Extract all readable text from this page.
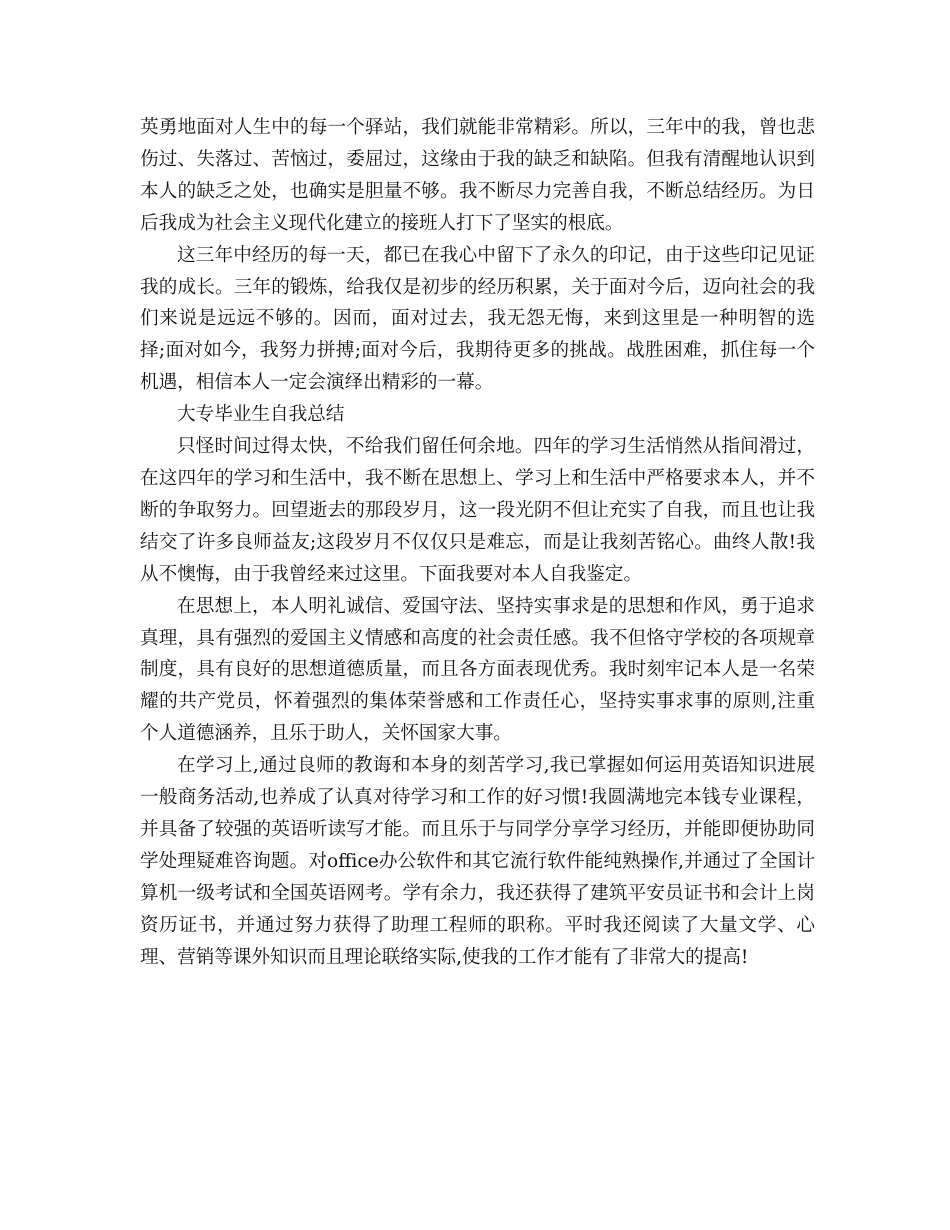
英勇地面对人生中的每一个驿站，我们就能非常精彩。所以，三年中的我，曾也悲伤过、失落过、苦恼过，委屈过，这缘由于我的缺乏和缺陷。但我有清醒地认识到本人的缺乏之处，也确实是胆量不够。我不断尽力完善自我，不断总结经历。为日后我成为社会主义现代化建立的接班人打下了坚实的根底。

这三年中经历的每一天，都已在我心中留下了永久的印记，由于这些印记见证我的成长。三年的锻炼，给我仅是初步的经历积累，关于面对今后，迈向社会的我们来说是远远不够的。因而，面对过去，我无怨无悔，来到这里是一种明智的选择;面对如今，我努力拼搏;面对今后，我期待更多的挑战。战胜困难，抓住每一个机遇，相信本人一定会演绎出精彩的一幕。

大专毕业生自我总结

只怪时间过得太快，不给我们留任何余地。四年的学习生活悄然从指间滑过，在这四年的学习和生活中，我不断在思想上、学习上和生活中严格要求本人，并不断的争取努力。回望逝去的那段岁月，这一段光阴不但让充实了自我，而且也让我结交了许多良师益友;这段岁月不仅仅只是难忘，而是让我刻苦铭心。曲终人散!我从不懊悔，由于我曾经来过这里。下面我要对本人自我鉴定。

在思想上，本人明礼诚信、爱国守法、坚持实事求是的思想和作风，勇于追求真理，具有强烈的爱国主义情感和高度的社会责任感。我不但恪守学校的各项规章制度，具有良好的思想道德质量，而且各方面表现优秀。我时刻牢记本人是一名荣耀的共产党员，怀着强烈的集体荣誉感和工作责任心，坚持实事求事的原则,注重个人道德涵养，且乐于助人，关怀国家大事。

在学习上,通过良师的教诲和本身的刻苦学习,我已掌握如何运用英语知识进展一般商务活动,也养成了认真对待学习和工作的好习惯!我圆满地完本钱专业课程，并具备了较强的英语听读写才能。而且乐于与同学分享学习经历，并能即便协助同学处理疑难咨询题。对office办公软件和其它流行软件能纯熟操作,并通过了全国计算机一级考试和全国英语网考。学有余力，我还获得了建筑平安员证书和会计上岗资历证书，并通过努力获得了助理工程师的职称。平时我还阅读了大量文学、心理、营销等课外知识而且理论联络实际,使我的工作才能有了非常大的提高!
